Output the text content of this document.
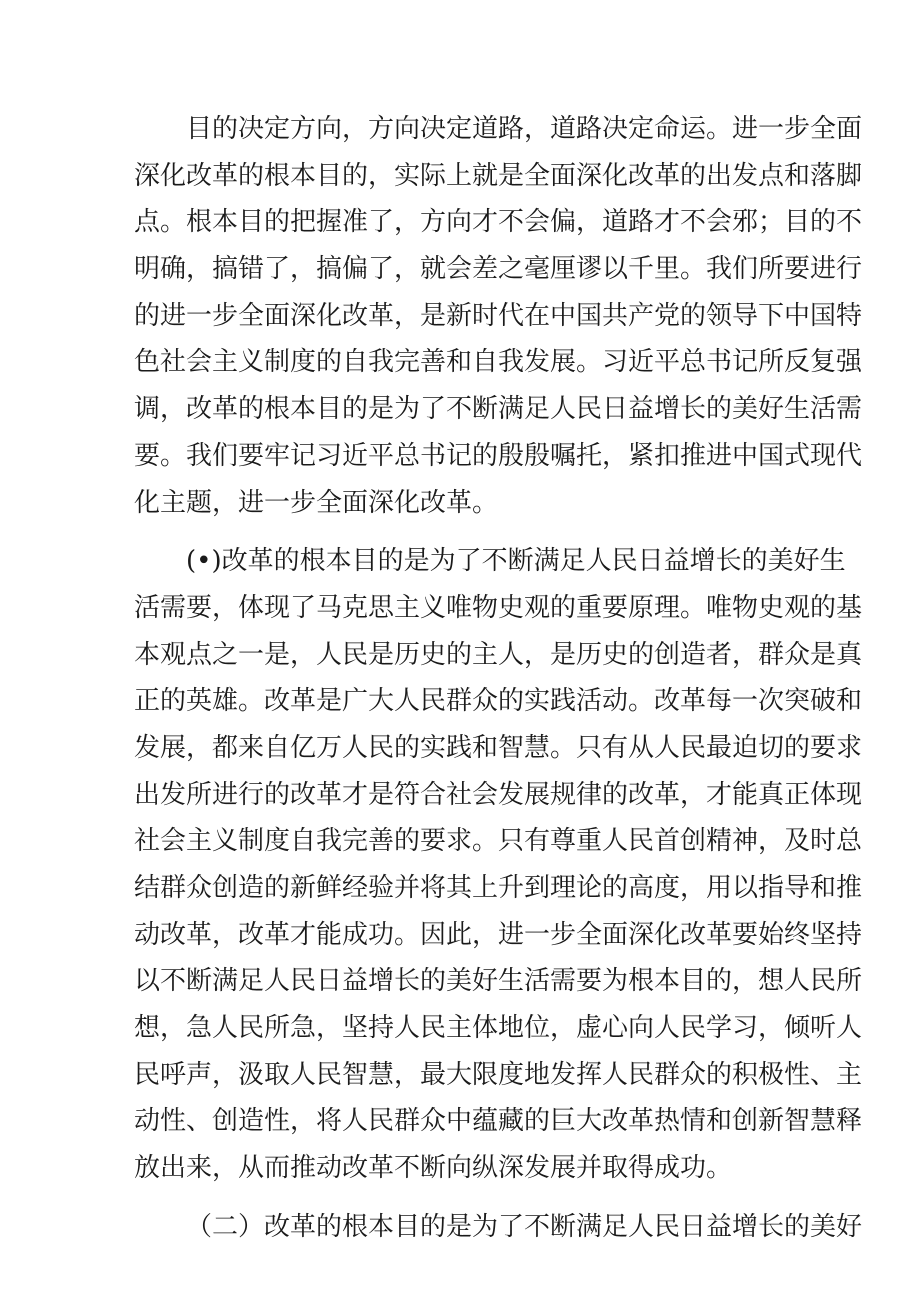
目的决定方向，方向决定道路，道路决定命运。进一步全面
深化改革的根本目的，实际上就是全面深化改革的出发点和落脚
点。根本目的把握准了，方向才不会偏，道路才不会邪；目的不
明确，搞错了，搞偏了，就会差之毫厘谬以千里。我们所要进行
的进一步全面深化改革，是新时代在中国共产党的领导下中国特
色社会主义制度的自我完善和自我发展。习近平总书记所反复强
调，改革的根本目的是为了不断满足人民日益增长的美好生活需
要。我们要牢记习近平总书记的殷殷嘱托，紧扣推进中国式现代
化主题，进一步全面深化改革。
(•)改革的根本目的是为了不断满足人民日益增长的美好生
活需要，体现了马克思主义唯物史观的重要原理。唯物史观的基
本观点之一是，人民是历史的主人，是历史的创造者，群众是真
正的英雄。改革是广大人民群众的实践活动。改革每一次突破和
发展，都来自亿万人民的实践和智慧。只有从人民最迫切的要求
出发所进行的改革才是符合社会发展规律的改革，才能真正体现
社会主义制度自我完善的要求。只有尊重人民首创精神，及时总
结群众创造的新鲜经验并将其上升到理论的高度，用以指导和推
动改革，改革才能成功。因此，进一步全面深化改革要始终坚持
以不断满足人民日益增长的美好生活需要为根本目的，想人民所
想，急人民所急，坚持人民主体地位，虚心向人民学习，倾听人
民呼声，汲取人民智慧，最大限度地发挥人民群众的积极性、主
动性、创造性，将人民群众中蕴藏的巨大改革热情和创新智慧释
放出来，从而推动改革不断向纵深发展并取得成功。
（二）改革的根本目的是为了不断满足人民日益增长的美好
